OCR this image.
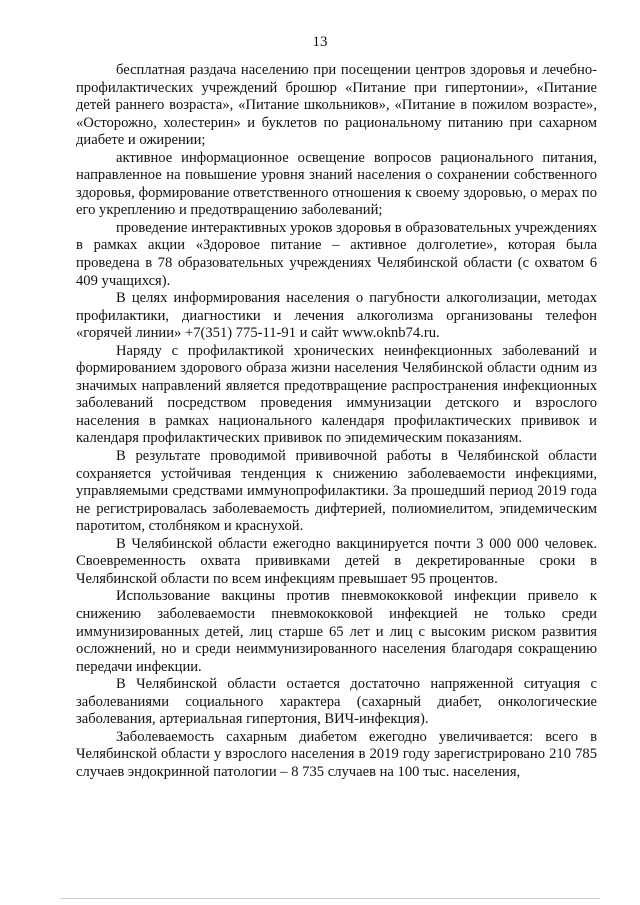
13

бесплатная раздача населению при посещении центров здоровья и лечебно-профилактических учреждений брошюр «Питание при гипертонии», «Питание детей раннего возраста», «Питание школьников», «Питание в пожилом возрасте», «Осторожно, холестерин» и буклетов по рациональному питанию при сахарном диабете и ожирении;

активное информационное освещение вопросов рационального питания, направленное на повышение уровня знаний населения о сохранении собственного здоровья, формирование ответственного отношения к своему здоровью, о мерах по его укреплению и предотвращению заболеваний;

проведение интерактивных уроков здоровья в образовательных учреждениях в рамках акции «Здоровое питание – активное долголетие», которая была проведена в 78 образовательных учреждениях Челябинской области (с охватом 6 409 учащихся).

В целях информирования населения о пагубности алкоголизации, методах профилактики, диагностики и лечения алкоголизма организованы телефон «горячей линии» +7(351) 775-11-91 и сайт www.oknb74.ru.

Наряду с профилактикой хронических неинфекционных заболеваний и формированием здорового образа жизни населения Челябинской области одним из значимых направлений является предотвращение распространения инфекционных заболеваний посредством проведения иммунизации детского и взрослого населения в рамках национального календаря профилактических прививок и календаря профилактических прививок по эпидемическим показаниям.

В результате проводимой прививочной работы в Челябинской области сохраняется устойчивая тенденция к снижению заболеваемости инфекциями, управляемыми средствами иммунопрофилактики. За прошедший период 2019 года не регистрировалась заболеваемость дифтерией, полиомиелитом, эпидемическим паротитом, столбняком и краснухой.

В Челябинской области ежегодно вакцинируется почти 3 000 000 человек. Своевременность охвата прививками детей в декретированные сроки в Челябинской области по всем инфекциям превышает 95 процентов.

Использование вакцины против пневмококковой инфекции привело к снижению заболеваемости пневмококковой инфекцией не только среди иммунизированных детей, лиц старше 65 лет и лиц с высоким риском развития осложнений, но и среди неиммунизированного населения благодаря сокращению передачи инфекции.

В Челябинской области остается достаточно напряженной ситуация с заболеваниями социального характера (сахарный диабет, онкологические заболевания, артериальная гипертония, ВИЧ-инфекция).

Заболеваемость сахарным диабетом ежегодно увеличивается: всего в Челябинской области у взрослого населения в 2019 году зарегистрировано 210 785 случаев эндокринной патологии – 8 735 случаев на 100 тыс. населения,
